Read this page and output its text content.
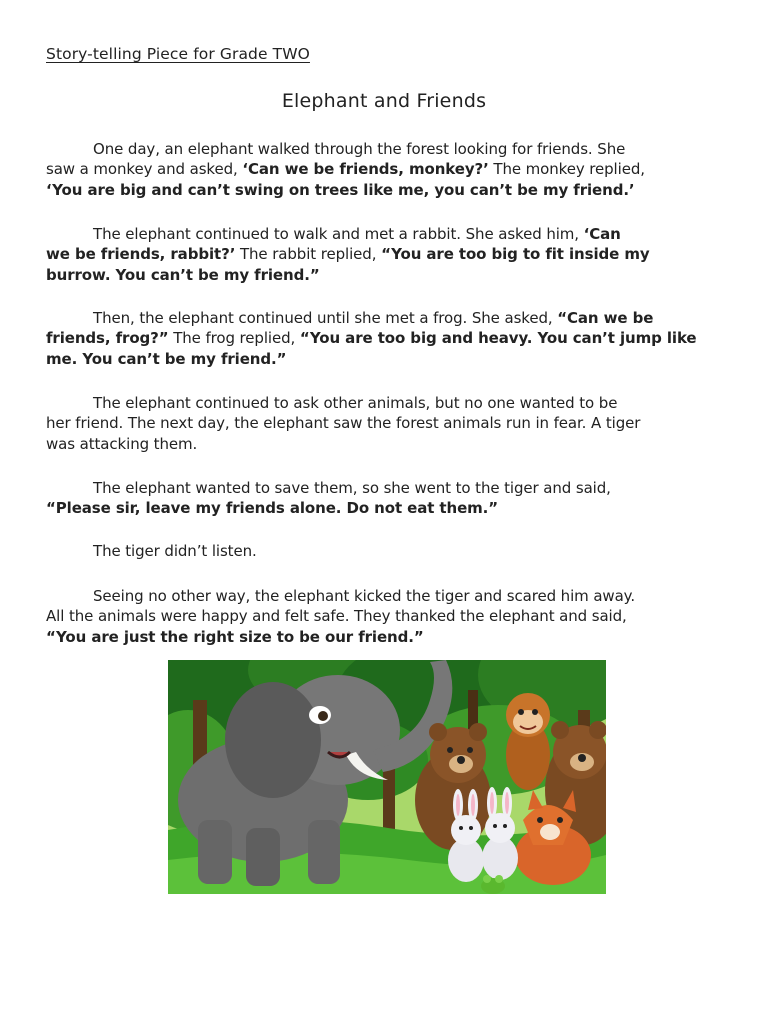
Story-telling Piece for Grade TWO
Elephant and Friends
One day, an elephant walked through the forest looking for friends. She
saw a monkey and asked, ‘Can we be friends, monkey?’ The monkey replied,
‘You are big and can’t swing on trees like me, you can’t be my friend.’
The elephant continued to walk and met a rabbit. She asked him, ‘Can
we be friends, rabbit?’ The rabbit replied, “You are too big to fit inside my
burrow. You can’t be my friend.”
Then, the elephant continued until she met a frog. She asked, “Can we be
friends, frog?” The frog replied, “You are too big and heavy. You can’t jump like
me. You can’t be my friend.”
The elephant continued to ask other animals, but no one wanted to be
her friend. The next day, the elephant saw the forest animals run in fear. A tiger
was attacking them.
The elephant wanted to save them, so she went to the tiger and said,
“Please sir, leave my friends alone. Do not eat them.”
The tiger didn’t listen.
Seeing no other way, the elephant kicked the tiger and scared him away.
All the animals were happy and felt safe. They thanked the elephant and said,
“You are just the right size to be our friend.”
